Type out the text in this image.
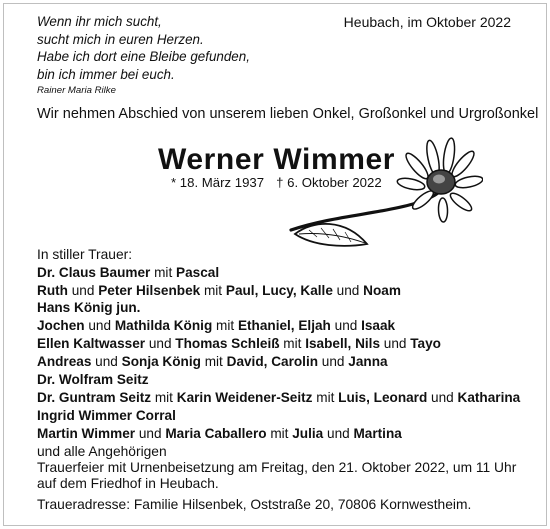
Wenn ihr mich sucht,
sucht mich in euren Herzen.
Habe ich dort eine Bleibe gefunden,
bin ich immer bei euch.
Rainer Maria Rilke
Heubach, im Oktober 2022
Wir nehmen Abschied von unserem lieben Onkel, Großonkel und Urgroßonkel
Werner Wimmer
* 18. März 1937 † 6. Oktober 2022
In stiller Trauer:
Dr. Claus Baumer mit Pascal
Ruth und Peter Hilsenbek mit Paul, Lucy, Kalle und Noam
Hans König jun.
Jochen und Mathilda König mit Ethaniel, Eljah und Isaak
Ellen Kaltwasser und Thomas Schleiß mit Isabell, Nils und Tayo
Andreas und Sonja König mit David, Carolin und Janna
Dr. Wolfram Seitz
Dr. Guntram Seitz mit Karin Weidener-Seitz mit Luis, Leonard und Katharina
Ingrid Wimmer Corral
Martin Wimmer und Maria Caballero mit Julia und Martina
und alle Angehörigen
Trauerfeier mit Urnenbeisetzung am Freitag, den 21. Oktober 2022, um 11 Uhr
auf dem Friedhof in Heubach.
Traueradresse: Familie Hilsenbek, Oststraße 20, 70806 Kornwestheim.
